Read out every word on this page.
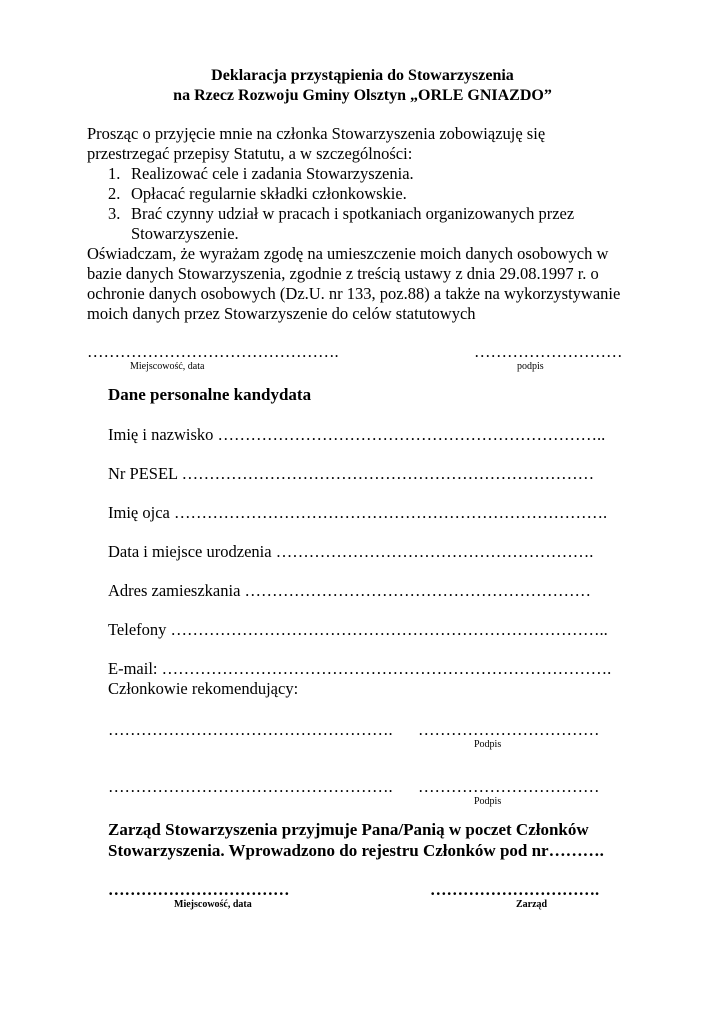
Deklaracja przystąpienia do Stowarzyszenia
na Rzecz Rozwoju Gminy Olsztyn „ORLE GNIAZDO”
Prosząc o przyjęcie mnie na członka Stowarzyszenia zobowiązuję się
przestrzegać przepisy Statutu, a w szczególności:
1. Realizować cele i zadania Stowarzyszenia.
2. Opłacać regularnie składki członkowskie.
3. Brać czynny udział w pracach i spotkaniach organizowanych przez
Stowarzyszenie.
Oświadczam, że wyrażam zgodę na umieszczenie moich danych osobowych w
bazie danych Stowarzyszenia, zgodnie z treścią ustawy z dnia 29.08.1997 r. o
ochronie danych osobowych (Dz.U. nr 133, poz.88) a także na wykorzystywanie
moich danych przez Stowarzyszenie do celów statutowych
……………………………………….
Miejscowość, data
………………………
podpis
Dane personalne kandydata
Imię i nazwisko ……………………………………………………………..
Nr PESEL …………………………………………………………………
Imię ojca …………………………………………………………………….
Data i miejsce urodzenia ………………………………………………….
Adres zamieszkania ………………………………………………………
Telefony ……………………………………………………………………..
E-mail: ……………………………………………………………………….
Członkowie rekomendujący:
……………………………………………. ……………………………
Podpis
……………………………………………. ……………………………
Podpis
Zarząd Stowarzyszenia przyjmuje Pana/Panią w poczet Członków
Stowarzyszenia. Wprowadzono do rejestru Członków pod nr……….
……………………………
Miejscowość, data
………………………….
Zarząd
